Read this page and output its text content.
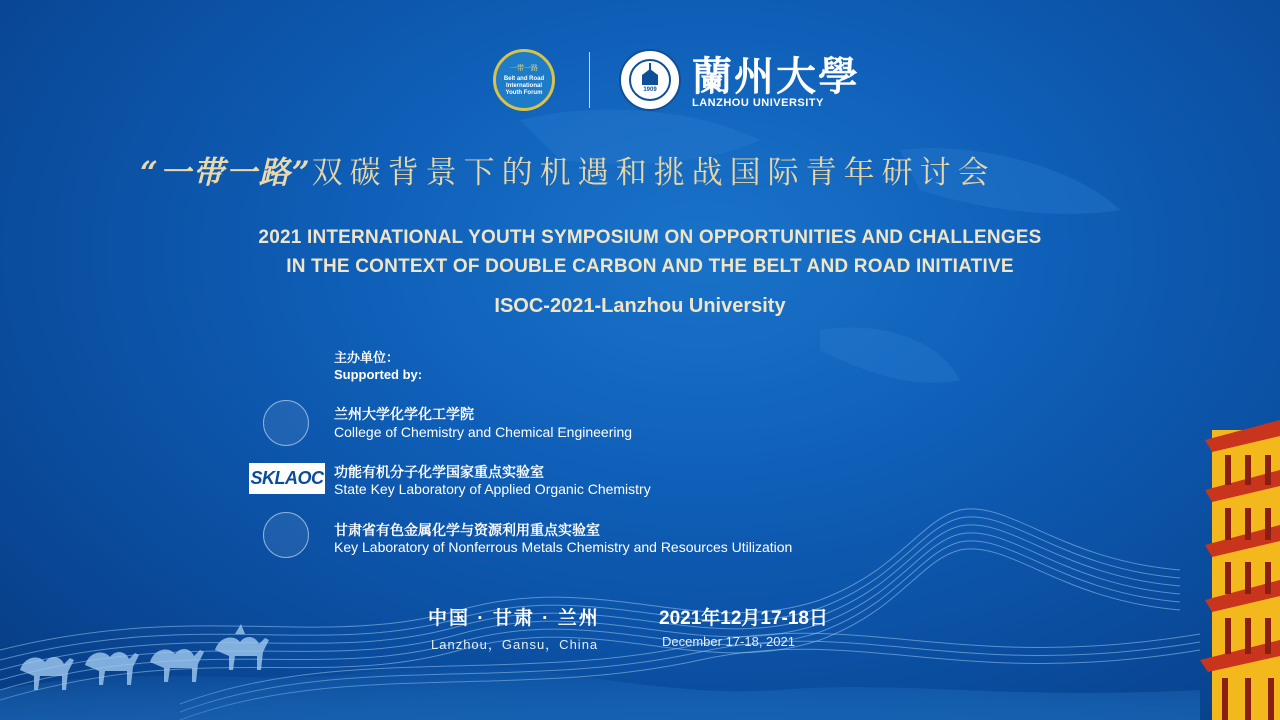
一带一路
Belt and Road
International
Youth Forum	1909 蘭州大學
LANZHOU UNIVERSITY
“一带一路”双碳背景下的机遇和挑战国际青年研讨会
2021 INTERNATIONAL YOUTH SYMPOSIUM ON OPPORTUNITIES AND CHALLENGES
IN THE CONTEXT OF DOUBLE CARBON AND THE BELT AND ROAD INITIATIVE
ISOC-2021-Lanzhou University
主办单位：
Supported by:
兰州大学化学化工学院
College of Chemistry and Chemical Engineering
SKLAOC 功能有机分子化学国家重点实验室
State Key Laboratory of Applied Organic Chemistry
甘肃省有色金属化学与资源利用重点实验室
Key Laboratory of Nonferrous Metals Chemistry and Resources Utilization
中国 · 甘肃 · 兰州
Lanzhou，Gansu，China
2021年12月17-18日
December 17-18, 2021
